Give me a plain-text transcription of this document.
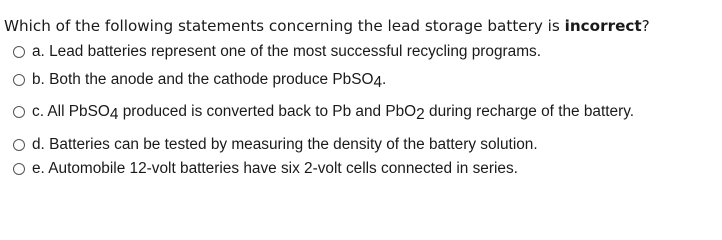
Which of the following statements concerning the lead storage battery is incorrect?
a. Lead batteries represent one of the most successful recycling programs.
b. Both the anode and the cathode produce PbSO$_4$.
c. All PbSO$_4$ produced is converted back to Pb and PbO$_2$ during recharge of the battery.
d. Batteries can be tested by measuring the density of the battery solution.
e. Automobile 12-volt batteries have six 2-volt cells connected in series.
